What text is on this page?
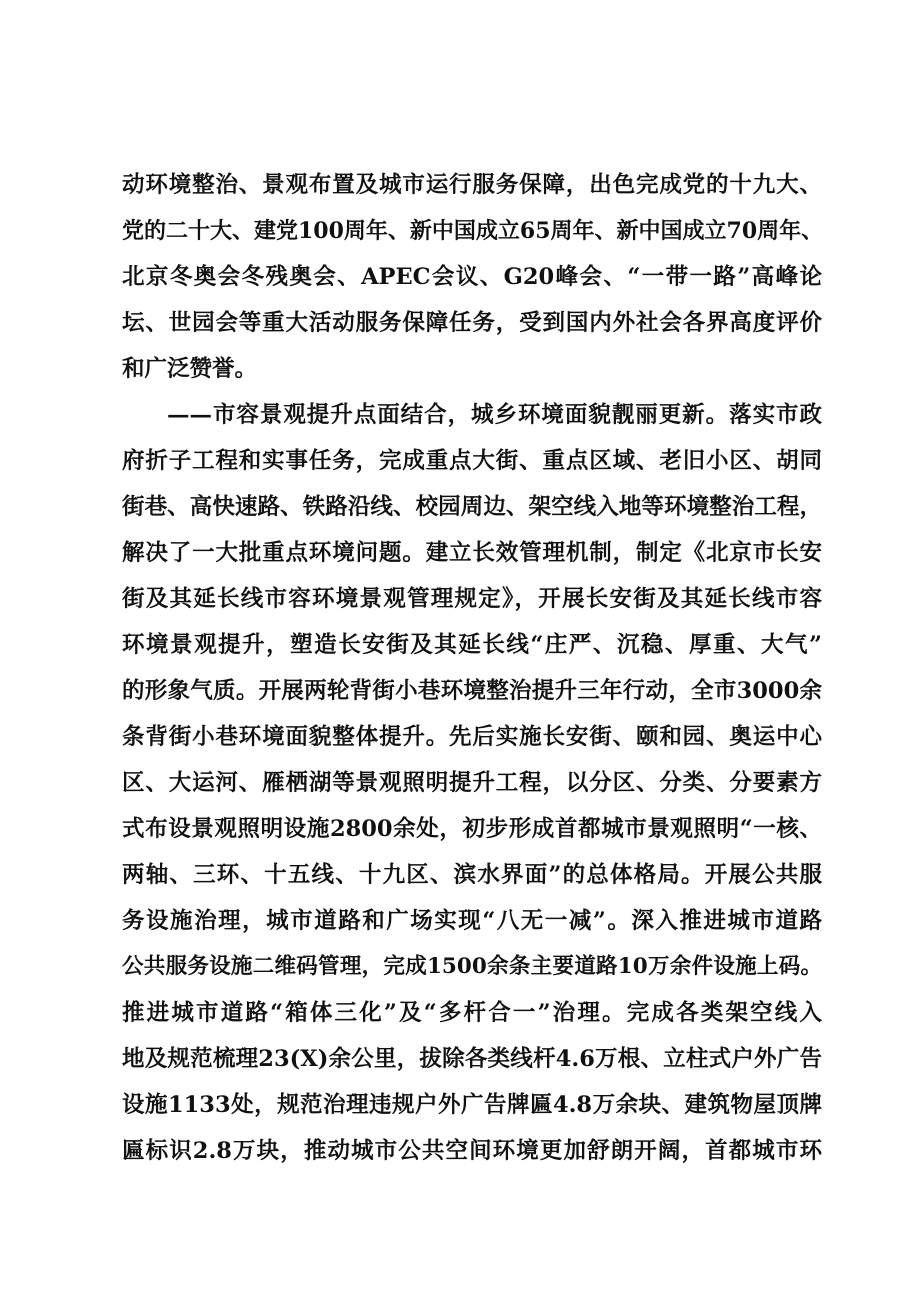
动环境整治、景观布置及城市运行服务保障，出色完成党的十九大、
党的二十大、建党100周年、新中国成立65周年、新中国成立70周年、
北京冬奥会冬残奥会、APEC会议、G20峰会、“一带一路”高峰论
坛、世园会等重大活动服务保障任务，受到国内外社会各界高度评价
和广泛赞誉。
——市容景观提升点面结合，城乡环境面貌靓丽更新。落实市政
府折子工程和实事任务，完成重点大街、重点区域、老旧小区、胡同
街巷、高快速路、铁路沿线、校园周边、架空线入地等环境整治工程，
解决了一大批重点环境问题。建立长效管理机制，制定《北京市长安
街及其延长线市容环境景观管理规定》，开展长安街及其延长线市容
环境景观提升，塑造长安街及其延长线“庄严、沉稳、厚重、大气”
的形象气质。开展两轮背街小巷环境整治提升三年行动，全市3000余
条背街小巷环境面貌整体提升。先后实施长安街、颐和园、奥运中心
区、大运河、雁栖湖等景观照明提升工程，以分区、分类、分要素方
式布设景观照明设施2800余处，初步形成首都城市景观照明“一核、
两轴、三环、十五线、十九区、滨水界面”的总体格局。开展公共服
务设施治理，城市道路和广场实现“八无一减”。深入推进城市道路
公共服务设施二维码管理，完成1500余条主要道路10万余件设施上码。
推进城市道路“箱体三化”及“多杆合一”治理。完成各类架空线入
地及规范梳理23(X)余公里，拔除各类线杆4.6万根、立柱式户外广告
设施1133处，规范治理违规户外广告牌匾4.8万余块、建筑物屋顶牌
匾标识2.8万块，推动城市公共空间环境更加舒朗开阔，首都城市环
